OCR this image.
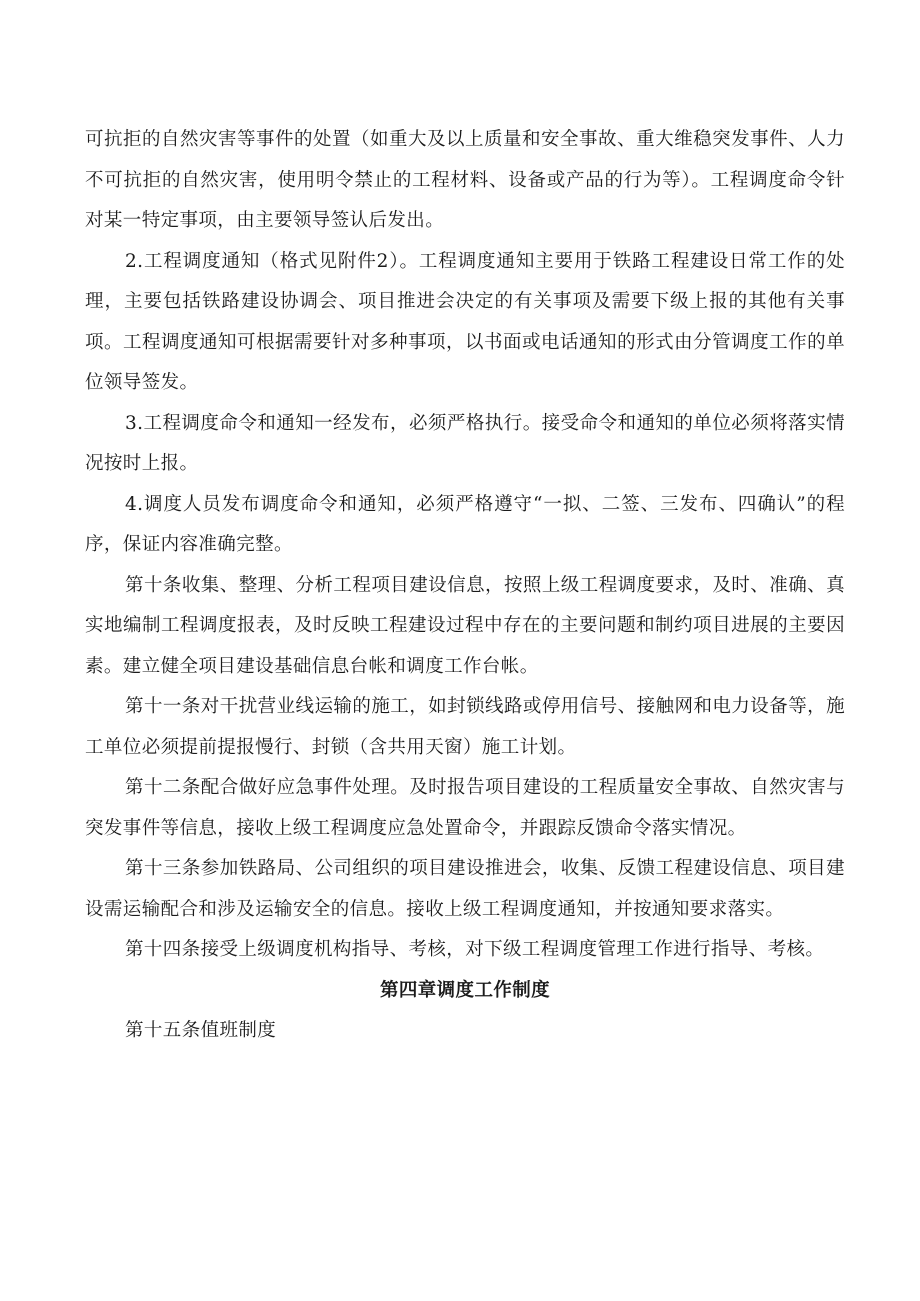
可抗拒的自然灾害等事件的处置（如重大及以上质量和安全事故、重大维稳突发事件、人力不可抗拒的自然灾害，使用明令禁止的工程材料、设备或产品的行为等）。工程调度命令针对某一特定事项，由主要领导签认后发出。

2.工程调度通知（格式见附件2）。工程调度通知主要用于铁路工程建设日常工作的处理，主要包括铁路建设协调会、项目推进会决定的有关事项及需要下级上报的其他有关事项。工程调度通知可根据需要针对多种事项，以书面或电话通知的形式由分管调度工作的单位领导签发。

3.工程调度命令和通知一经发布，必须严格执行。接受命令和通知的单位必须将落实情况按时上报。

4.调度人员发布调度命令和通知，必须严格遵守“一拟、二签、三发布、四确认”的程序，保证内容准确完整。

第十条收集、整理、分析工程项目建设信息，按照上级工程调度要求，及时、准确、真实地编制工程调度报表，及时反映工程建设过程中存在的主要问题和制约项目进展的主要因素。建立健全项目建设基础信息台帐和调度工作台帐。

第十一条对干扰营业线运输的施工，如封锁线路或停用信号、接触网和电力设备等，施工单位必须提前提报慢行、封锁（含共用天窗）施工计划。

第十二条配合做好应急事件处理。及时报告项目建设的工程质量安全事故、自然灾害与突发事件等信息，接收上级工程调度应急处置命令，并跟踪反馈命令落实情况。

第十三条参加铁路局、公司组织的项目建设推进会，收集、反馈工程建设信息、项目建设需运输配合和涉及运输安全的信息。接收上级工程调度通知，并按通知要求落实。

第十四条接受上级调度机构指导、考核，对下级工程调度管理工作进行指导、考核。

第四章调度工作制度

第十五条值班制度
